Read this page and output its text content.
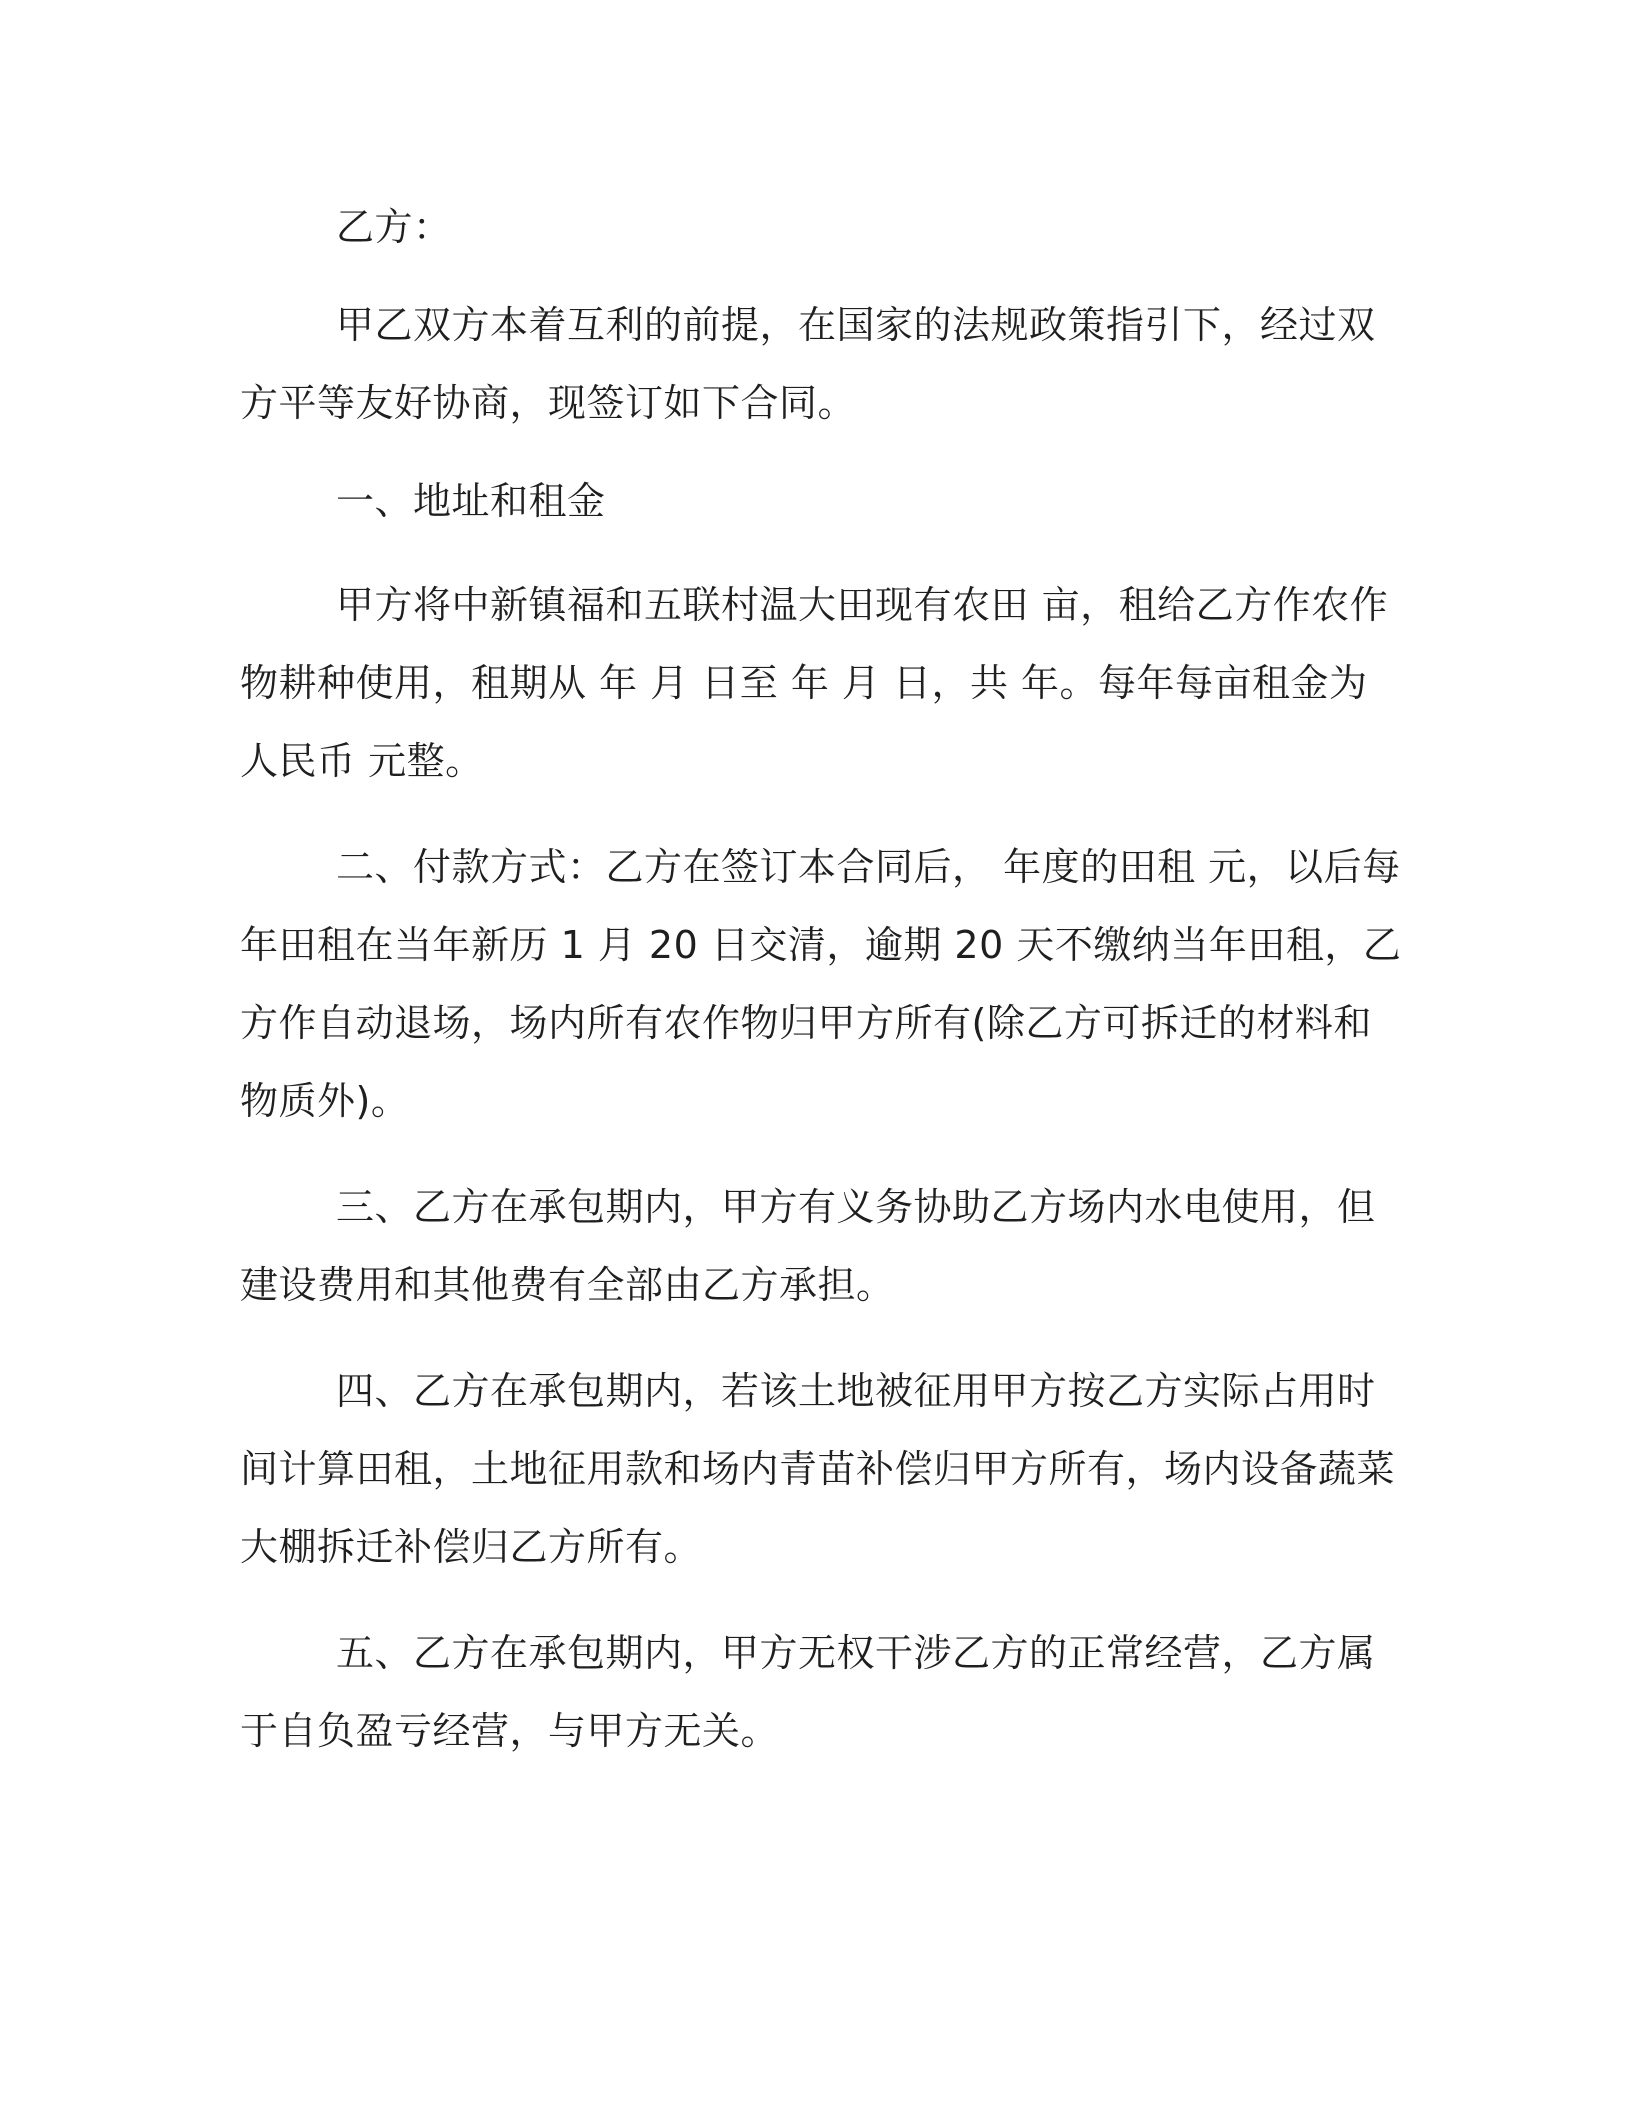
乙方：

甲乙双方本着互利的前提，在国家的法规政策指引下，经过双方平等友好协商，现签订如下合同。

一、地址和租金

甲方将中新镇福和五联村温大田现有农田 亩，租给乙方作农作物耕种使用，租期从 年 月 日至 年 月 日，共 年。每年每亩租金为人民币 元整。

二、付款方式：乙方在签订本合同后， 年度的田租 元，以后每年田租在当年新历 1 月 20 日交清，逾期 20 天不缴纳当年田租，乙方作自动退场，场内所有农作物归甲方所有(除乙方可拆迁的材料和物质外)。

三、乙方在承包期内，甲方有义务协助乙方场内水电使用，但建设费用和其他费有全部由乙方承担。

四、乙方在承包期内，若该土地被征用甲方按乙方实际占用时间计算田租，土地征用款和场内青苗补偿归甲方所有，场内设备蔬菜大棚拆迁补偿归乙方所有。

五、乙方在承包期内，甲方无权干涉乙方的正常经营，乙方属于自负盈亏经营，与甲方无关。
